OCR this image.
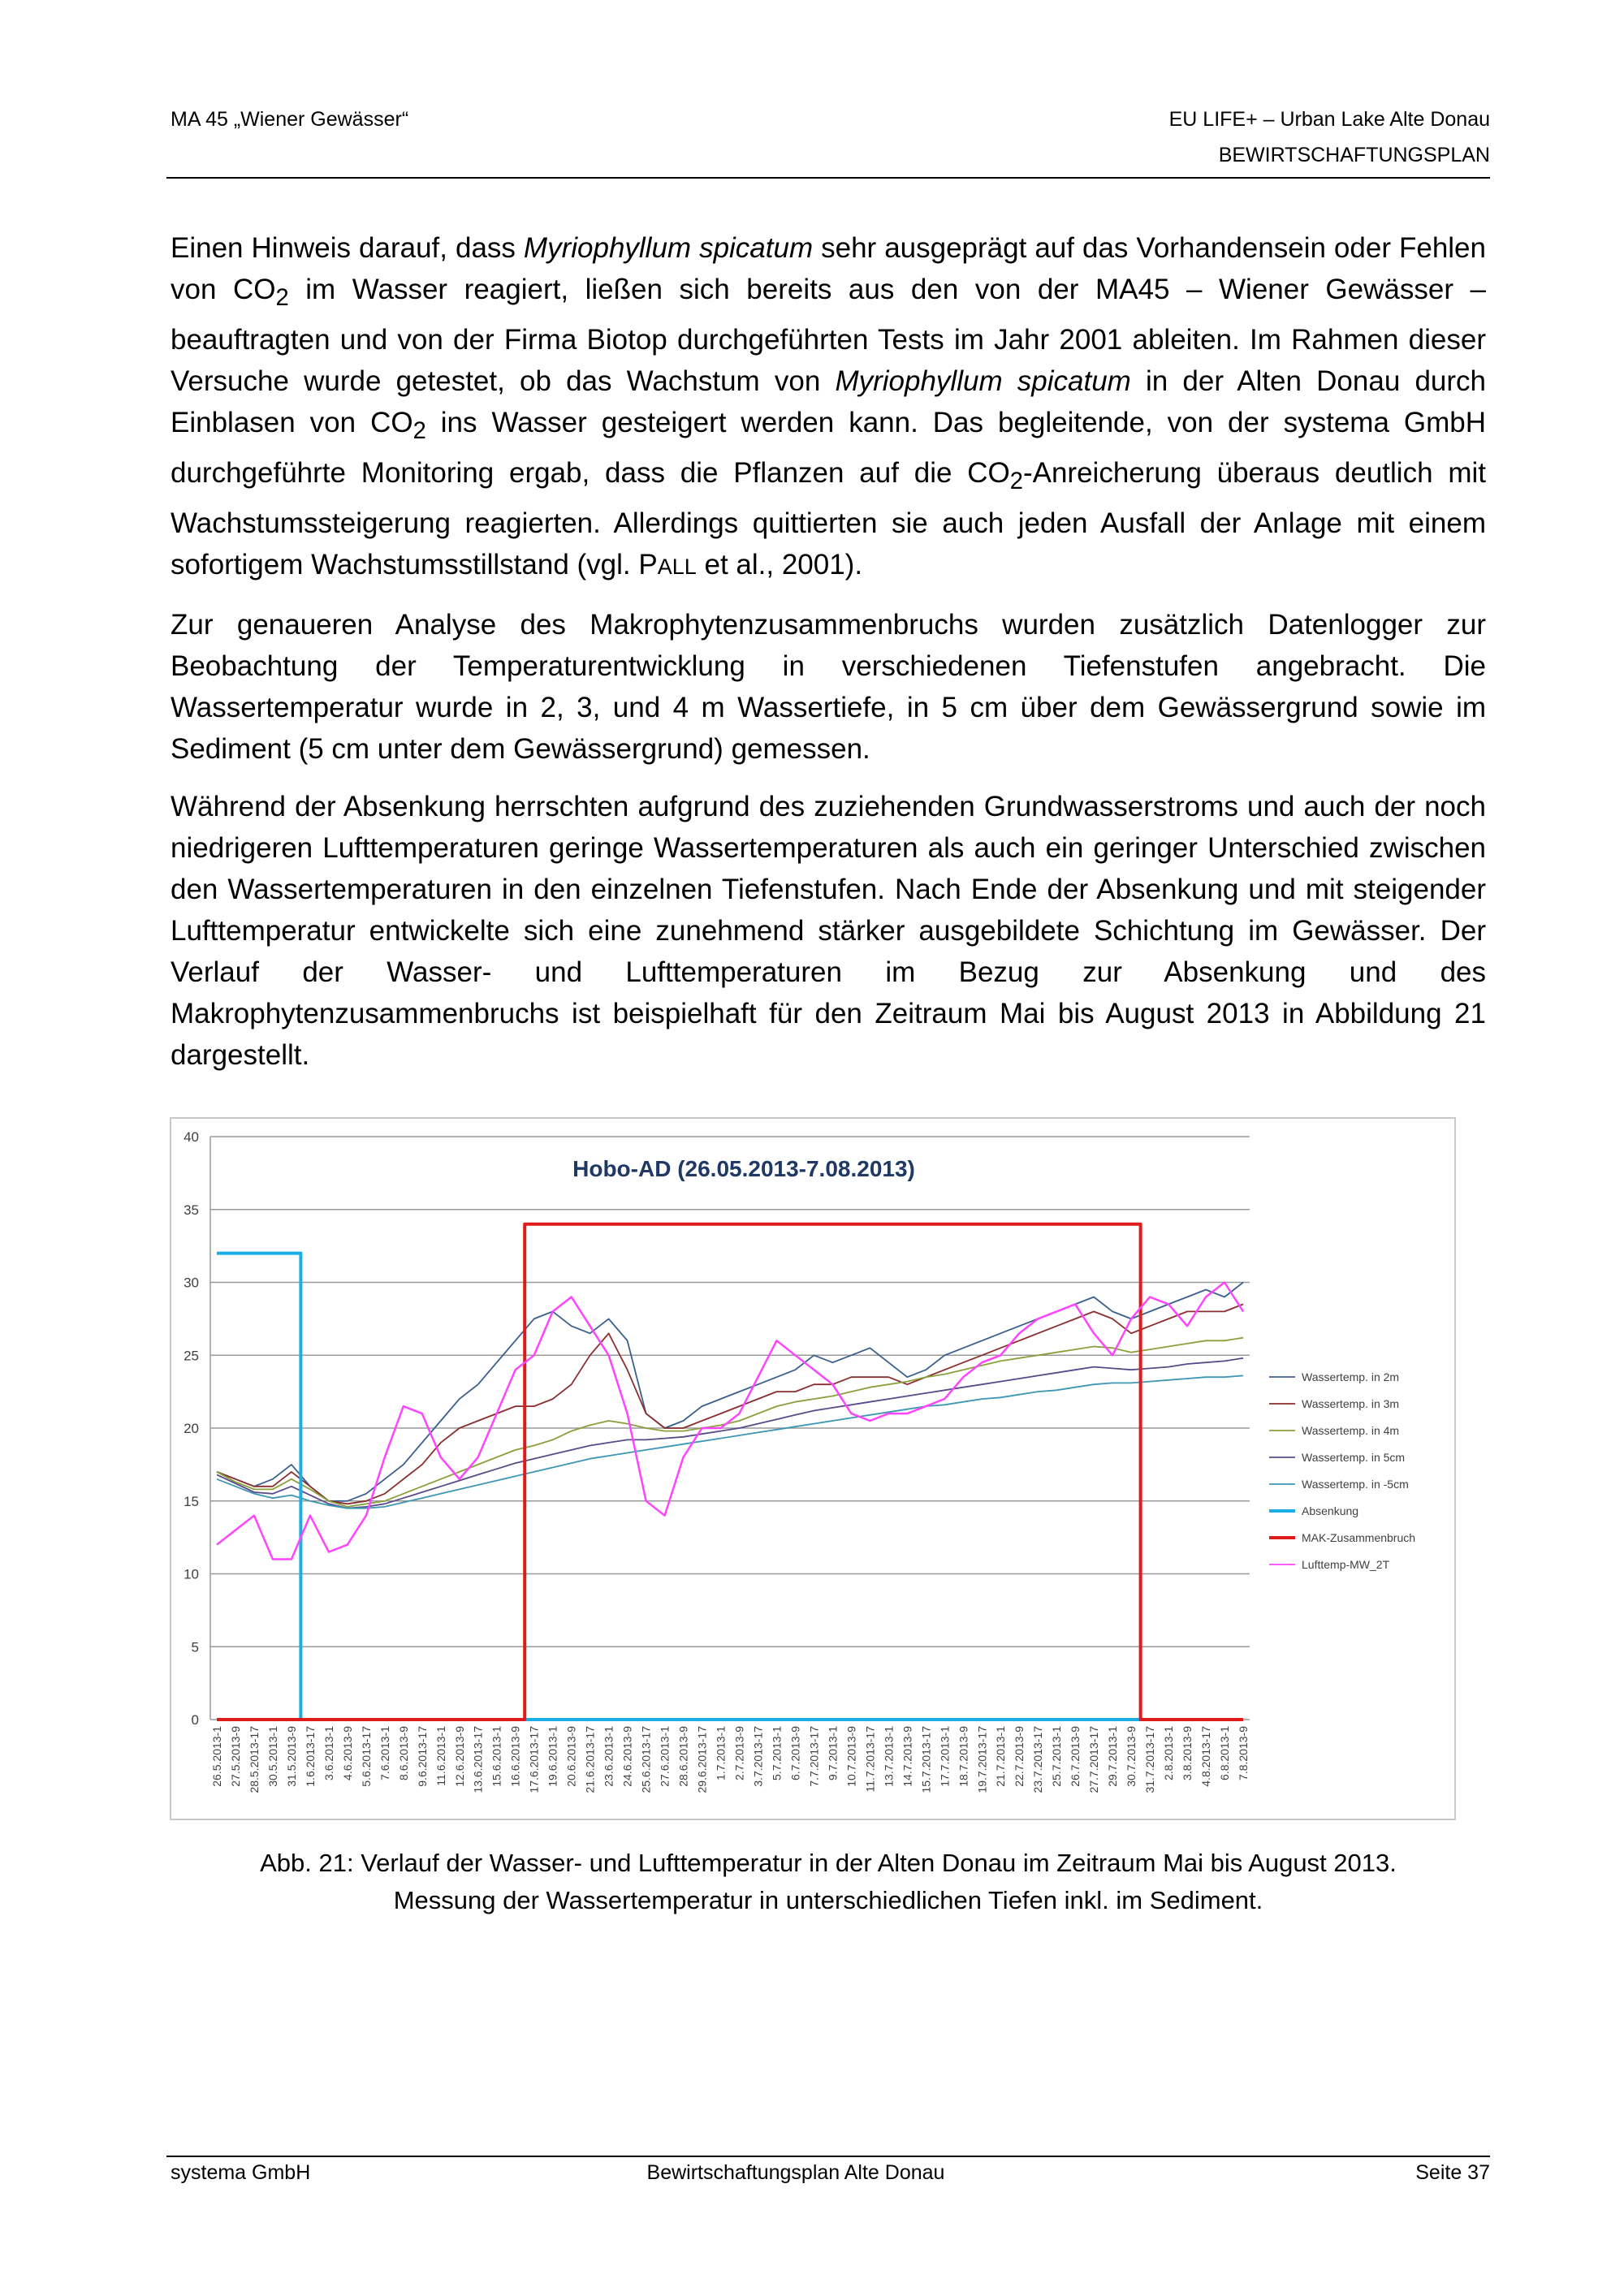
MA 45 „Wiener Gewässer“	EU LIFE+ – Urban Lake Alte Donau
BEWIRTSCHAFTUNGSPLAN

Einen Hinweis darauf, dass Myriophyllum spicatum sehr ausgeprägt auf das Vorhandensein oder Fehlen von $CO_2$ im Wasser reagiert, ließen sich bereits aus den von der MA45 – Wiener Gewässer – beauftragten und von der Firma Biotop durchgeführten Tests im Jahr 2001 ableiten. Im Rahmen dieser Versuche wurde getestet, ob das Wachstum von Myriophyllum spicatum in der Alten Donau durch Einblasen von $CO_2$ ins Wasser gesteigert werden kann. Das begleitende, von der systema GmbH durchgeführte Monitoring ergab, dass die Pflanzen auf die $CO_2$-Anreicherung überaus deutlich mit Wachstumssteigerung reagierten. Allerdings quittierten sie auch jeden Ausfall der Anlage mit einem sofortigem Wachstumsstillstand (vgl. PALL et al., 2001).

Zur genaueren Analyse des Makrophytenzusammenbruchs wurden zusätzlich Datenlogger zur Beobachtung der Temperaturentwicklung in verschiedenen Tiefenstufen angebracht. Die Wassertemperatur wurde in 2, 3, und 4 m Wassertiefe, in 5 cm über dem Gewässergrund sowie im Sediment (5 cm unter dem Gewässergrund) gemessen.

Während der Absenkung herrschten aufgrund des zuziehenden Grundwasserstroms und auch der noch niedrigeren Lufttemperaturen geringe Wassertemperaturen als auch ein geringer Unterschied zwischen den Wassertemperaturen in den einzelnen Tiefenstufen. Nach Ende der Absenkung und mit steigender Lufttemperatur entwickelte sich eine zunehmend stärker ausgebildete Schichtung im Gewässer. Der Verlauf der Wasser- und Lufttemperaturen im Bezug zur Absenkung und des Makrophytenzusammenbruchs ist beispielhaft für den Zeitraum Mai bis August 2013 in Abbildung 21 dargestellt.

0
5
10
15
20
25
30
35
40
26.5.2013-1 27.5.2013-9 28.5.2013-17 30.5.2013-1 31.5.2013-9 1.6.2013-17 3.6.2013-1 4.6.2013-9 5.6.2013-17 7.6.2013-1 8.6.2013-9 9.6.2013-17 11.6.2013-1 12.6.2013-9 13.6.2013-17 15.6.2013-1 16.6.2013-9 17.6.2013-17 19.6.2013-1 20.6.2013-9 21.6.2013-17 23.6.2013-1 24.6.2013-9 25.6.2013-17 27.6.2013-1 28.6.2013-9 29.6.2013-17 1.7.2013-1 2.7.2013-9 3.7.2013-17 5.7.2013-1 6.7.2013-9 7.7.2013-17 9.7.2013-1 10.7.2013-9 11.7.2013-17 13.7.2013-1 14.7.2013-9 15.7.2013-17 17.7.2013-1 18.7.2013-9 19.7.2013-17 21.7.2013-1 22.7.2013-9 23.7.2013-17 25.7.2013-1 26.7.2013-9 27.7.2013-17 29.7.2013-1 30.7.2013-9 31.7.2013-17 2.8.2013-1 3.8.2013-9 4.8.2013-17 6.8.2013-1 7.8.2013-9
Hobo-AD (26.05.2013-7.08.2013)
Wassertemp. in 2m
Wassertemp. in 3m
Wassertemp. in 4m
Wassertemp. in 5cm
Wassertemp. in -5cm
Absenkung
MAK-Zusammenbruch
Lufttemp-MW_2T
Abb. 21: Verlauf der Wasser- und Lufttemperatur in der Alten Donau im Zeitraum Mai bis August 2013.
Messung der Wassertemperatur in unterschiedlichen Tiefen inkl. im Sediment.
systema GmbH	Bewirtschaftungsplan Alte Donau	Seite 37
